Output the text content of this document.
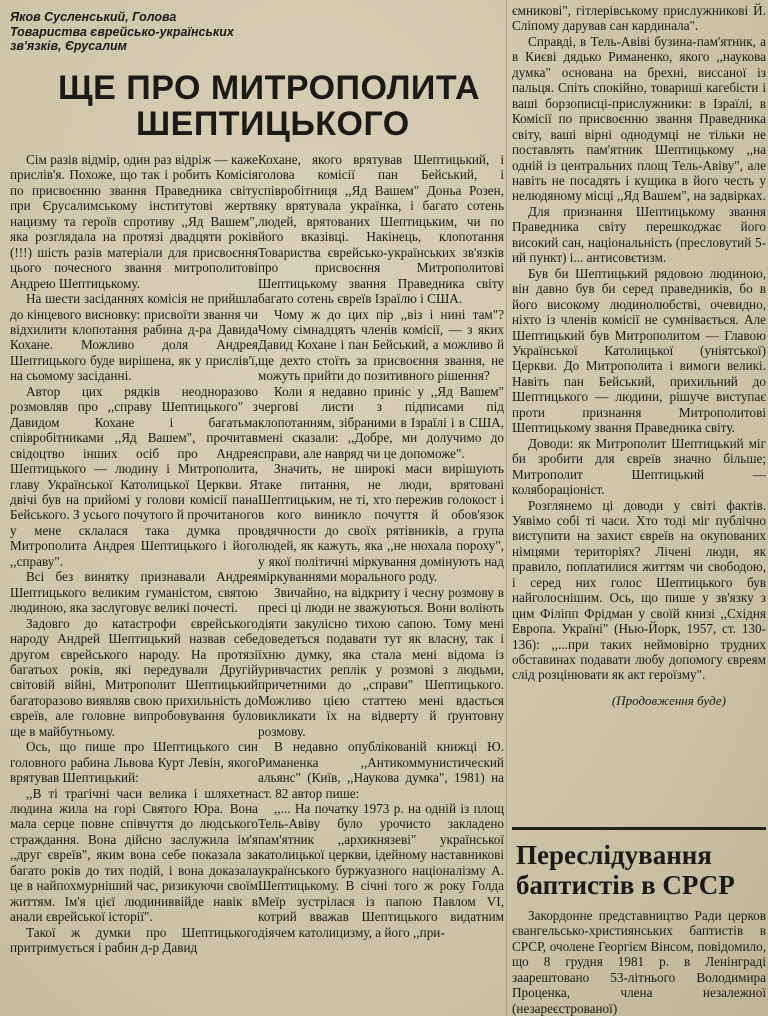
Яков Сусленський, Голова
Товариства єврейсько-українських
зв'язків, Єрусалим
ЩЕ ПРО МИТРОПОЛИТА
ШЕПТИЦЬКОГО

Сім разів відмір, один раз відріж — каже прислів'я. Похоже, що так і робить Комісія по присвоєнню звання Праведника світу при Єрусалимському інститутові жертв нацизму та героїв спротиву ,,Яд Вашем", яка розглядала на протязі двадцяти років (!!!) шість разів матеріали для присвоєння цього почесного звання митрополитові Андрею Шептицькому.

На шести засіданнях комісія не прийшла до кінцевого висновку: присвоїти звання чи відхилити клопотання рабина д-ра Давида Кохане. Можливо доля Андрея Шептицького буде вирішена, як у прислів'ї, на сьомому засіданні.

Автор цих рядків неодноразово розмовляв про ,,справу Шептицького" з Давидом Кохане і багатьма співробітниками ,,Яд Вашем", прочитав свідоцтво інших осіб про Андрея Шептицького — людину і Митрополита, главу Української Католицької Церкви. Я двічі був на прийомі у голови комісії пана Бейського. З усього почутого й прочитаного у мене склалася така думка про Митрополита Андрея Шептицького і його ,,справу".

Всі без винятку признавали Андрея Шептицького великим гуманістом, святою людиною, яка заслуговує великі почесті.

Задовго до катастрофи єврейського народу Андрей Шептицький назвав себе другом єврейського народу. На протязі багатьох років, які передували Другій світовій війні, Митрополит Шептицький багаторазово виявляв свою прихильність до євреїв, але головне випробовування було ще в майбутньому.

Ось, що пише про Шептицького син головного рабина Львова Курт Левін, якого врятував Шептицький:

,,В ті трагічні часи велика і шляхетна людина жила на горі Святого Юра. Вона мала серце повне співчуття до людського страждання. Вона дійсно заслужила ім'я ,,друг євреїв", яким вона себе показала за багато років до тих подій, і вона доказала це в найпохмурніший час, ризикуючи своїм життям. Ім'я цієї людиниввійде навік в анали єврейської історії".

Такої ж думки про Шептицького притримується і рабин д-р Давид

Кохане, якого врятував Шептицький, і голова комісії пан Бейський, і співробітниця ,,Яд Вашем" Доньа Розен, яку врятувала українка, і багато сотень людей, врятованих Шептицьким, чи по його вказівці. Накінець, клопотання Товариства єврейсько-українських зв'язків про присвоєння Митрополитові Шептицькому звання Праведника світу багато сотень євреїв Ізраїлю і США.

Чому ж до цих пір ,,віз і нині там"? Чому сімнадцять членів комісії, — з яких Давид Кохане і пан Бейський, а можливо й ще дехто стоїть за присвоєння звання, не можуть прийти до позитивного рішення?

Коли я недавно приніс у ,,Яд Вашем" чергові листи з підписами під клопотанням, зібраними в Ізраїлі і в США, мені сказали: ,,Добре, ми долучимо до справи, але навряд чи це допоможе".

Значить, не широкі маси вирішують таке питання, не люди, врятовані Шептицьким, не ті, хто пережив голокост і в кого виникло почуття й обов'язок вдячности до своїх рятівників, а група людей, як кажуть, яка ,,не нюхала пороху", у якої політичні міркування домінують над міркуваннями морального роду.

Звичайно, на відкриту і чесну розмову в пресі ці люди не зважуються. Вони воліють діяти закулісно тихою сапою. Тому мені доведеться подавати тут як власну, так і їхню думку, яка стала мені відома із уривчастих реплік у розмові з людьми, причетними до ,,справи" Шептицького. Можливо цією статтею мені вдасться викликати їх на відверту й ґрунтовну розмову.

В недавно опублікованій книжці Ю. Риманенка ,,Антикоммунистический альянс" (Київ, ,,Наукова думка", 1981) на ст. 82 автор пише:

,,... На початку 1973 р. на одній із площ Тель-Авіву було урочисто закладено пам'ятник ,,архикнязеві" української католицької церкви, ідейному наставникові українського буржуазного націоналізму А. Шептицькому. В січні того ж року Голда Меїр зустрілася із папою Павлом VI, котрий вважав Шептицького видатним діячем католицизму, а його ,,при-

ємникові", гітлерівському прислужникові Й. Сліпому дарував сан кардинала".

Справді, в Тель-Авіві бузина-пам'ятник, а в Києві дядько Риманенко, якого ,,наукова думка" основана на брехні, виссаної із пальця. Спіть спокійно, товариші кагебісти і ваші борзописці-прислужники: в Ізраїлі, в Комісії по присвоєнню звання Праведника світу, ваші вірні однодумці не тільки не поставлять пам'ятник Шептицькому ,,на одній із центральних площ Тель-Авіву", але навіть не посадять і кущика в його честь у нелюдяному місці ,,Яд Вашем", на задвірках.

Для признання Шептицькому звання Праведника світу перешкоджає його високий сан, національність (пресловутий 5-ий пункт) і... антисовєтизм.

Був би Шептицький рядовою людиною, він давно був би серед праведників, бо в його високому людинолюбстві, очевидно, ніхто із членів комісії не сумнівається. Але Шептицький був Митрополитом — Главою Української Католицької (уніятської) Церкви. До Митрополита і вимоги великі. Навіть пан Бейський, прихильний до Шептицького — людини, рішуче виступає проти признання Митрополитові Шептицькому звання Праведника світу.

Доводи: як Митрополит Шептицький міг би зробити для євреїв значно більше; Митрополит Шептицький — колябораціоніст.

Розглянемо ці доводи у світі фактів. Уявімо собі ті часи. Хто тоді міг публічно виступити на захист євреїв на окупованих німцями територіях? Лічені люди, як правило, поплатилися життям чи свободою, і серед них голос Шептицького був найголоснішим. Ось, що пише у зв'язку з цим Філіпп Фрідман у своїй книзі ,,Східня Европа. Україні" (Нью-Йорк, 1957, ст. 130-136): ,,...при таких неймовірно трудних обставинах подавати любу допомогу євреям слід розцінювати як акт героїзму".

(Продовження буде)
Переслідування
баптистів в СРСР

Закордонне представництво Ради церков євангельсько-християнських баптистів в СРСР, очолене Георгієм Вінсом, повідомило, що 8 грудня 1981 р. в Ленінграді заарештовано 53-літнього Володимира Проценка, члена незалежної (незареєстрованої)
